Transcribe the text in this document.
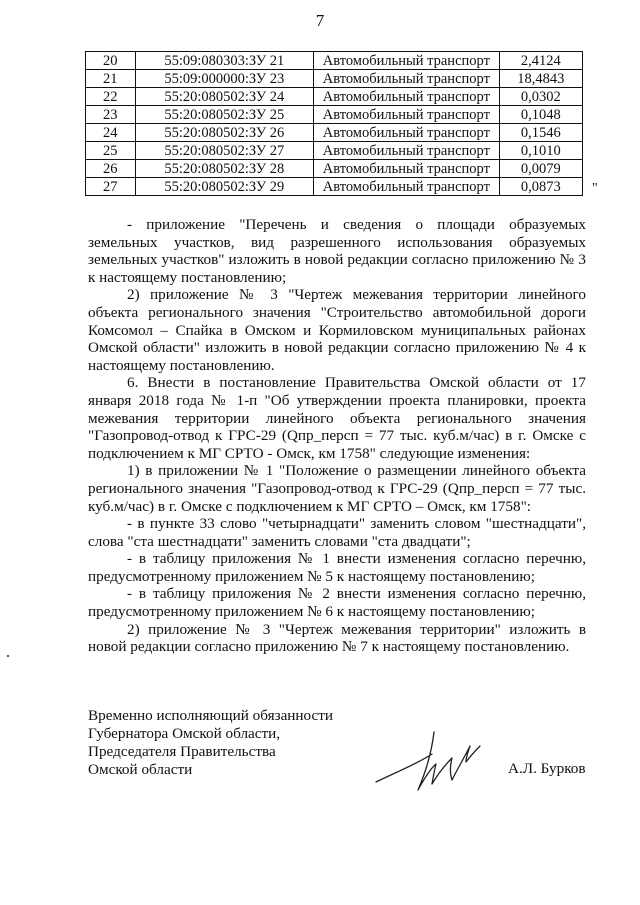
7
20	55:09:080303:ЗУ 21	Автомобильный транспорт	2,4124
21	55:09:000000:ЗУ 23	Автомобильный транспорт	18,4843
22	55:20:080502:ЗУ 24	Автомобильный транспорт	0,0302
23	55:20:080502:ЗУ 25	Автомобильный транспорт	0,1048
24	55:20:080502:ЗУ 26	Автомобильный транспорт	0,1546
25	55:20:080502:ЗУ 27	Автомобильный транспорт	0,1010
26	55:20:080502:ЗУ 28	Автомобильный транспорт	0,0079
27	55:20:080502:ЗУ 29	Автомобильный транспорт	0,0873 "

- приложение "Перечень и сведения о площади образуемых земельных участков, вид разрешенного использования образуемых земельных участков" изложить в новой редакции согласно приложению № 3 к настоящему постановлению;

2) приложение № 3 "Чертеж межевания территории линейного объекта регионального значения "Строительство автомобильной дороги Комсомол – Спайка в Омском и Кормиловском муниципальных районах Омской области" изложить в новой редакции согласно приложению № 4 к настоящему постановлению.

6. Внести в постановление Правительства Омской области от 17 января 2018 года № 1-п "Об утверждении проекта планировки, проекта межевания территории линейного объекта регионального значения "Газопровод-отвод к ГРС-29 (Qпр_персп = 77 тыс. куб.м/час) в г. Омске с подключением к МГ СРТО - Омск, км 1758" следующие изменения:

1) в приложении № 1 "Положение о размещении линейного объекта регионального значения "Газопровод-отвод к ГРС-29 (Qпр_персп = 77 тыс. куб.м/час) в г. Омске с подключением к МГ СРТО – Омск, км 1758":

- в пункте 33 слово "четырнадцати" заменить словом "шестнадцати", слова "ста шестнадцати" заменить словами "ста двадцати";

- в таблицу приложения № 1 внести изменения согласно перечню, предусмотренному приложением № 5 к настоящему постановлению;

- в таблицу приложения № 2 внести изменения согласно перечню, предусмотренному приложением № 6 к настоящему постановлению;

2) приложение № 3 "Чертеж межевания территории" изложить в новой редакции согласно приложению № 7 к настоящему постановлению.

Временно исполняющий обязанности
Губернатора Омской области,
Председателя Правительства
Омской области	А.Л. Бурков
